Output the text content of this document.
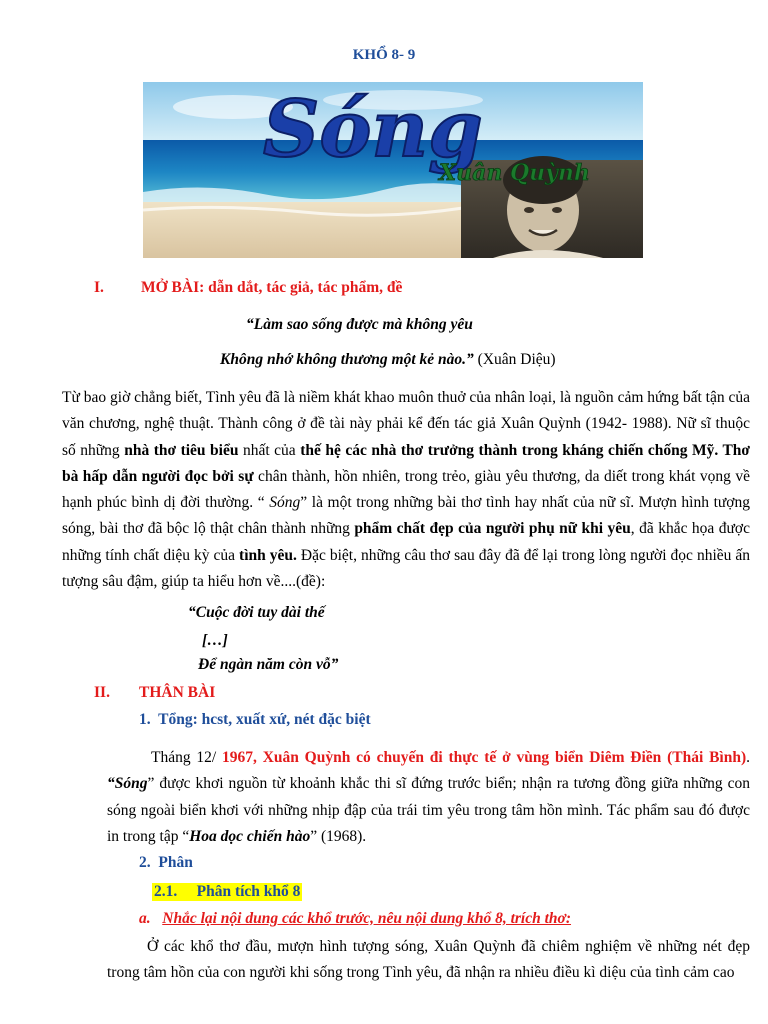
KHỔ 8- 9
Sóng
Xuân Quỳnh
I. MỞ BÀI: dẫn dắt, tác giả, tác phẩm, đề
“Làm sao sống được mà không yêu
Không nhớ không thương một kẻ nào.” (Xuân Diệu)
Từ bao giờ chẳng biết, Tình yêu đã là niềm khát khao muôn thuở của nhân loại, là nguồn cảm hứng bất tận của văn chương, nghệ thuật. Thành công ở đề tài này phải kể đến tác giả Xuân Quỳnh (1942- 1988). Nữ sĩ thuộc số những nhà thơ tiêu biểu nhất của thế hệ các nhà thơ trưởng thành trong kháng chiến chống Mỹ. Thơ bà hấp dẫn người đọc bởi sự chân thành, hồn nhiên, trong trẻo, giàu yêu thương, da diết trong khát vọng về hạnh phúc bình dị đời thường. “ Sóng” là một trong những bài thơ tình hay nhất của nữ sĩ. Mượn hình tượng sóng, bài thơ đã bộc lộ thật chân thành những phẩm chất đẹp của người phụ nữ khi yêu, đã khắc họa được những tính chất diệu kỳ của tình yêu. Đặc biệt, những câu thơ sau đây đã để lại trong lòng người đọc nhiều ấn tượng sâu đậm, giúp ta hiểu hơn về....(đề):
“Cuộc đời tuy dài thế
[…]
Để ngàn năm còn vỗ”
II. THÂN BÀI
1. Tổng: hcst, xuất xứ, nét đặc biệt
Tháng 12/ 1967, Xuân Quỳnh có chuyến đi thực tế ở vùng biển Diêm Điền (Thái Bình). “Sóng” được khơi nguồn từ khoảnh khắc thi sĩ đứng trước biển; nhận ra tương đồng giữa những con sóng ngoài biển khơi với những nhịp đập của trái tim yêu trong tâm hồn mình. Tác phẩm sau đó được in trong tập “Hoa dọc chiến hào” (1968).
2. Phân
2.1. Phân tích khổ 8
a. Nhắc lại nội dung các khổ trước, nêu nội dung khổ 8, trích thơ:
Ở các khổ thơ đầu, mượn hình tượng sóng, Xuân Quỳnh đã chiêm nghiệm về những nét đẹp trong tâm hồn của con người khi sống trong Tình yêu, đã nhận ra nhiều điều kì diệu của tình cảm cao
